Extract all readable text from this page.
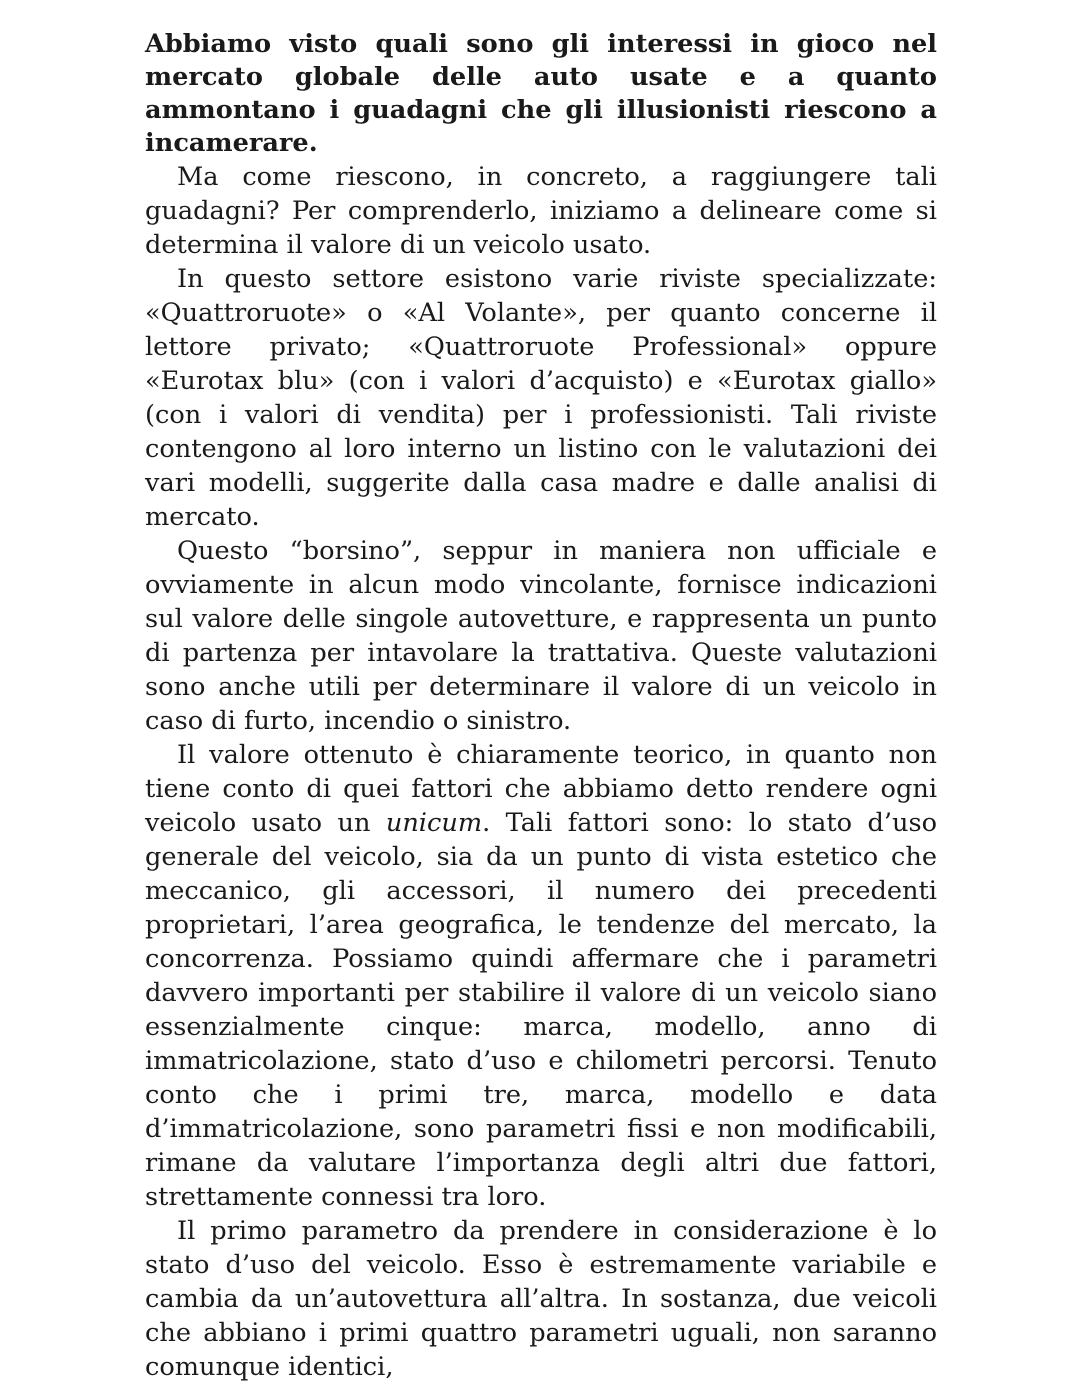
Abbiamo visto quali sono gli interessi in gioco nel mercato globale delle auto usate e a quanto ammontano i guadagni che gli illusionisti riescono a incamerare.

Ma come riescono, in concreto, a raggiungere tali guadagni? Per comprenderlo, iniziamo a delineare come si determina il valore di un veicolo usato.

In questo settore esistono varie riviste specializzate: «Quattroruote» o «Al Volante», per quanto concerne il lettore privato; «Quattroruote Professional» oppure «Eurotax blu» (con i valori d’acquisto) e «Eurotax giallo» (con i valori di vendita) per i professionisti. Tali riviste contengono al loro interno un listino con le valutazioni dei vari modelli, suggerite dalla casa madre e dalle analisi di mercato.

Questo “borsino”, seppur in maniera non ufficiale e ovviamente in alcun modo vincolante, fornisce indicazioni sul valore delle singole autovetture, e rappresenta un punto di partenza per intavolare la trattativa. Queste valutazioni sono anche utili per determinare il valore di un veicolo in caso di furto, incendio o sinistro.

Il valore ottenuto è chiaramente teorico, in quanto non tiene conto di quei fattori che abbiamo detto rendere ogni veicolo usato un unicum. Tali fattori sono: lo stato d’uso generale del veicolo, sia da un punto di vista estetico che meccanico, gli accessori, il numero dei precedenti proprietari, l’area geografica, le tendenze del mercato, la concorrenza. Possiamo quindi affermare che i parametri davvero importanti per stabilire il valore di un veicolo siano essenzialmente cinque: marca, modello, anno di immatricolazione, stato d’uso e chilometri percorsi. Tenuto conto che i primi tre, marca, modello e data d’immatricolazione, sono parametri fissi e non modificabili, rimane da valutare l’importanza degli altri due fattori, strettamente connessi tra loro.

Il primo parametro da prendere in considerazione è lo stato d’uso del veicolo. Esso è estremamente variabile e cambia da un’autovettura all’altra. In sostanza, due veicoli che abbiano i primi quattro parametri uguali, non saranno comunque identici,
